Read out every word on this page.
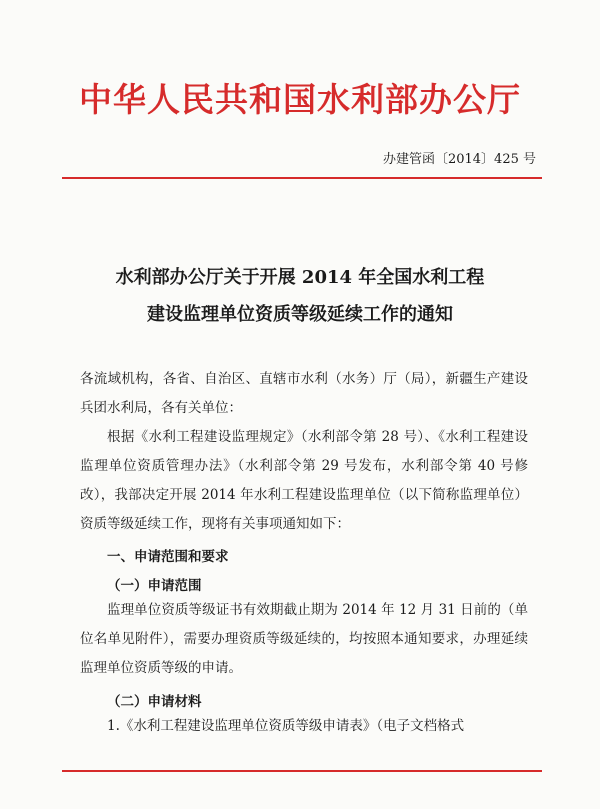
中华人民共和国水利部办公厅
办建管函〔2014〕425 号
水利部办公厅关于开展 2014 年全国水利工程
建设监理单位资质等级延续工作的通知
各流域机构，各省、自治区、直辖市水利（水务）厅（局），新疆生产建设兵团水利局，各有关单位：
根据《水利工程建设监理规定》（水利部令第 28 号）、《水利工程建设监理单位资质管理办法》（水利部令第 29 号发布，水利部令第 40 号修改），我部决定开展 2014 年水利工程建设监理单位（以下简称监理单位）资质等级延续工作，现将有关事项通知如下：
一、申请范围和要求
（一）申请范围
监理单位资质等级证书有效期截止期为 2014 年 12 月 31 日前的（单位名单见附件），需要办理资质等级延续的，均按照本通知要求，办理延续监理单位资质等级的申请。
（二）申请材料
1.《水利工程建设监理单位资质等级申请表》（电子文档格式
